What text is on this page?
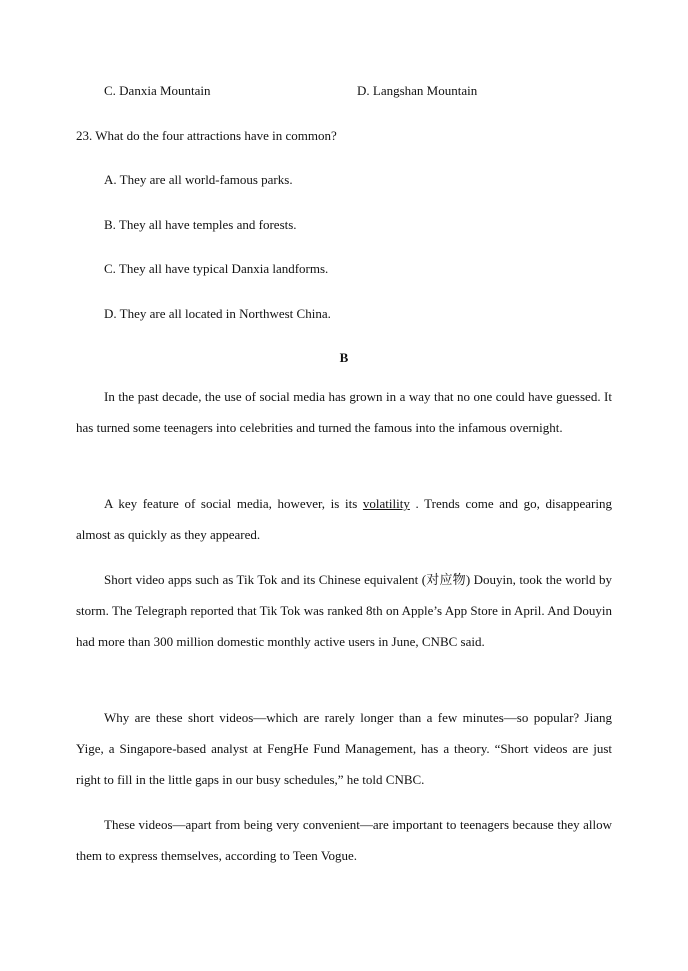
C. Danxia Mountain	D. Langshan Mountain
23. What do the four attractions have in common?
A. They are all world-famous parks.
B. They all have temples and forests.
C. They all have typical Danxia landforms.
D. They are all located in Northwest China.
B

In the past decade, the use of social media has grown in a way that no one could have guessed. It has turned some teenagers into celebrities and turned the famous into the infamous overnight.

A key feature of social media, however, is its volatility . Trends come and go, disappearing almost as quickly as they appeared.

Short video apps such as Tik Tok and its Chinese equivalent (对应物) Douyin, took the world by storm. The Telegraph reported that Tik Tok was ranked 8th on Apple’s App Store in April. And Douyin had more than 300 million domestic monthly active users in June, CNBC said.

Why are these short videos—which are rarely longer than a few minutes—so popular? Jiang Yige, a Singapore-based analyst at FengHe Fund Management, has a theory. “Short videos are just right to fill in the little gaps in our busy schedules,” he told CNBC.

These videos—apart from being very convenient—are important to teenagers because they allow them to express themselves, according to Teen Vogue.
